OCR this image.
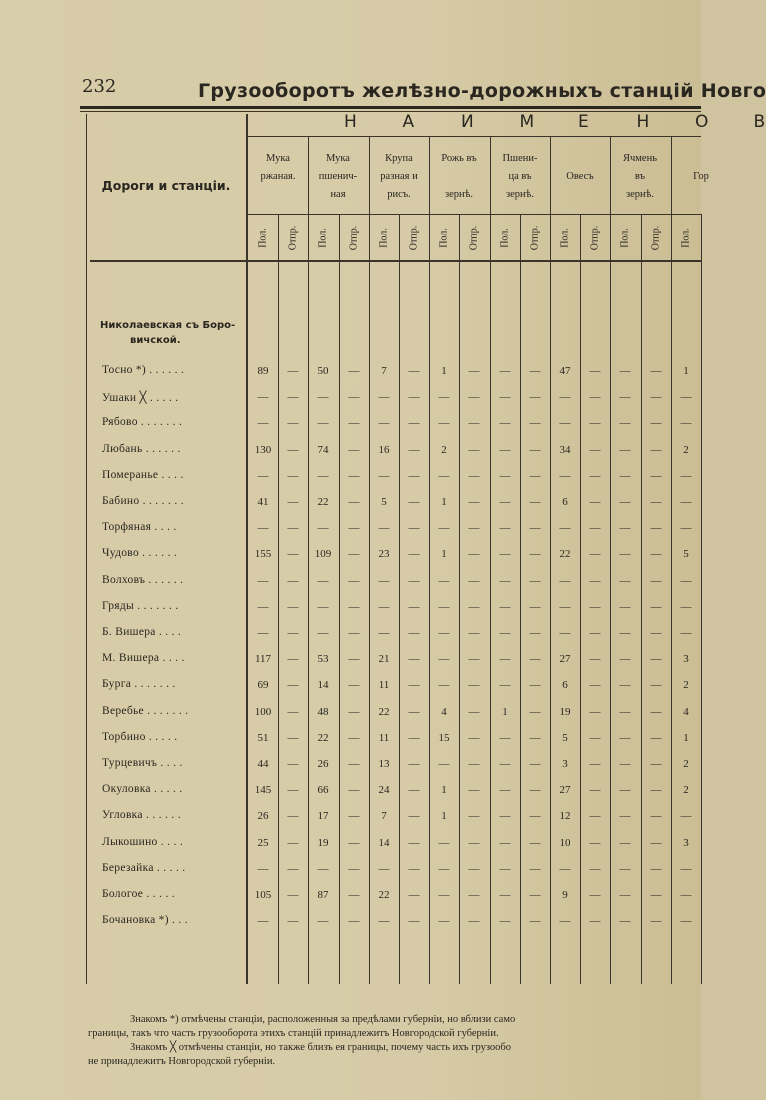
232	Грузооборотъ желѣзно-дорожныхъ станцій Новго
Дороги и станціи.
Н	А	И	М	Е	Н	О	В
Мука
ржаная.
Мука
пшенич-
ная
Крупа
разная и
рисъ.
Рожь въ

зернѣ.
Пшени-
ца въ
зернѣ.

Овесъ

Ячмень
въ
зернѣ.

Гор

Пол. Отпр. Пол. Отпр. Пол. Отпр. Пол. Отпр. Пол. Отпр. Пол. Отпр. Пол. Отпр. Пол.
Николаевская съ Боро-
вичской.
Тосно *) . . . . . .	89	—	50	—	7	—	1	—	—	—	47	—	—	—	1
Ушаки ╳ . . . . .	—	—	—	—	—	—	—	—	—	—	—	—	—	—	—
Рябово . . . . . . .	—	—	—	—	—	—	—	—	—	—	—	—	—	—	—
Любань . . . . . .	130	—	74	—	16	—	2	—	—	—	34	—	—	—	2
Померанье . . . .	—	—	—	—	—	—	—	—	—	—	—	—	—	—	—
Бабино . . . . . . .	41	—	22	—	5	—	1	—	—	—	6	—	—	—	—
Торфяная . . . .	—	—	—	—	—	—	—	—	—	—	—	—	—	—	—
Чудово . . . . . .	155	—	109	—	23	—	1	—	—	—	22	—	—	—	5
Волховъ . . . . . .	—	—	—	—	—	—	—	—	—	—	—	—	—	—	—
Гряды . . . . . . .	—	—	—	—	—	—	—	—	—	—	—	—	—	—	—
Б. Вишера . . . .	—	—	—	—	—	—	—	—	—	—	—	—	—	—	—
М. Вишера . . . .	117	—	53	—	21	—	—	—	—	—	27	—	—	—	3
Бурга . . . . . . .	69	—	14	—	11	—	—	—	—	—	6	—	—	—	2
Веребье . . . . . . .	100	—	48	—	22	—	4	—	1	—	19	—	—	—	4
Торбино . . . . .	51	—	22	—	11	—	15	—	—	—	5	—	—	—	1
Турцевичъ . . . .	44	—	26	—	13	—	—	—	—	—	3	—	—	—	2
Окуловка . . . . .	145	—	66	—	24	—	1	—	—	—	27	—	—	—	2
Угловка . . . . . .	26	—	17	—	7	—	1	—	—	—	12	—	—	—	—
Лыкошино . . . .	25	—	19	—	14	—	—	—	—	—	10	—	—	—	3
Березайка . . . . .	—	—	—	—	—	—	—	—	—	—	—	—	—	—	—
Бологое . . . . .	105	—	87	—	22	—	—	—	—	—	9	—	—	—	—
Бочановка *) . . .	—	—	—	—	—	—	—	—	—	—	—	—	—	—	—

Знакомъ *) отмѣчены станціи, расположенныя за предѣлами губерніи, но вблизи само

границы, такъ что часть грузооборота этихъ станцій принадлежитъ Новгородской губерніи.

Знакомъ ╳ отмѣчены станціи, но также близъ ея границы, почему часть ихъ грузообо

не принадлежитъ Новгородской губерніи.
